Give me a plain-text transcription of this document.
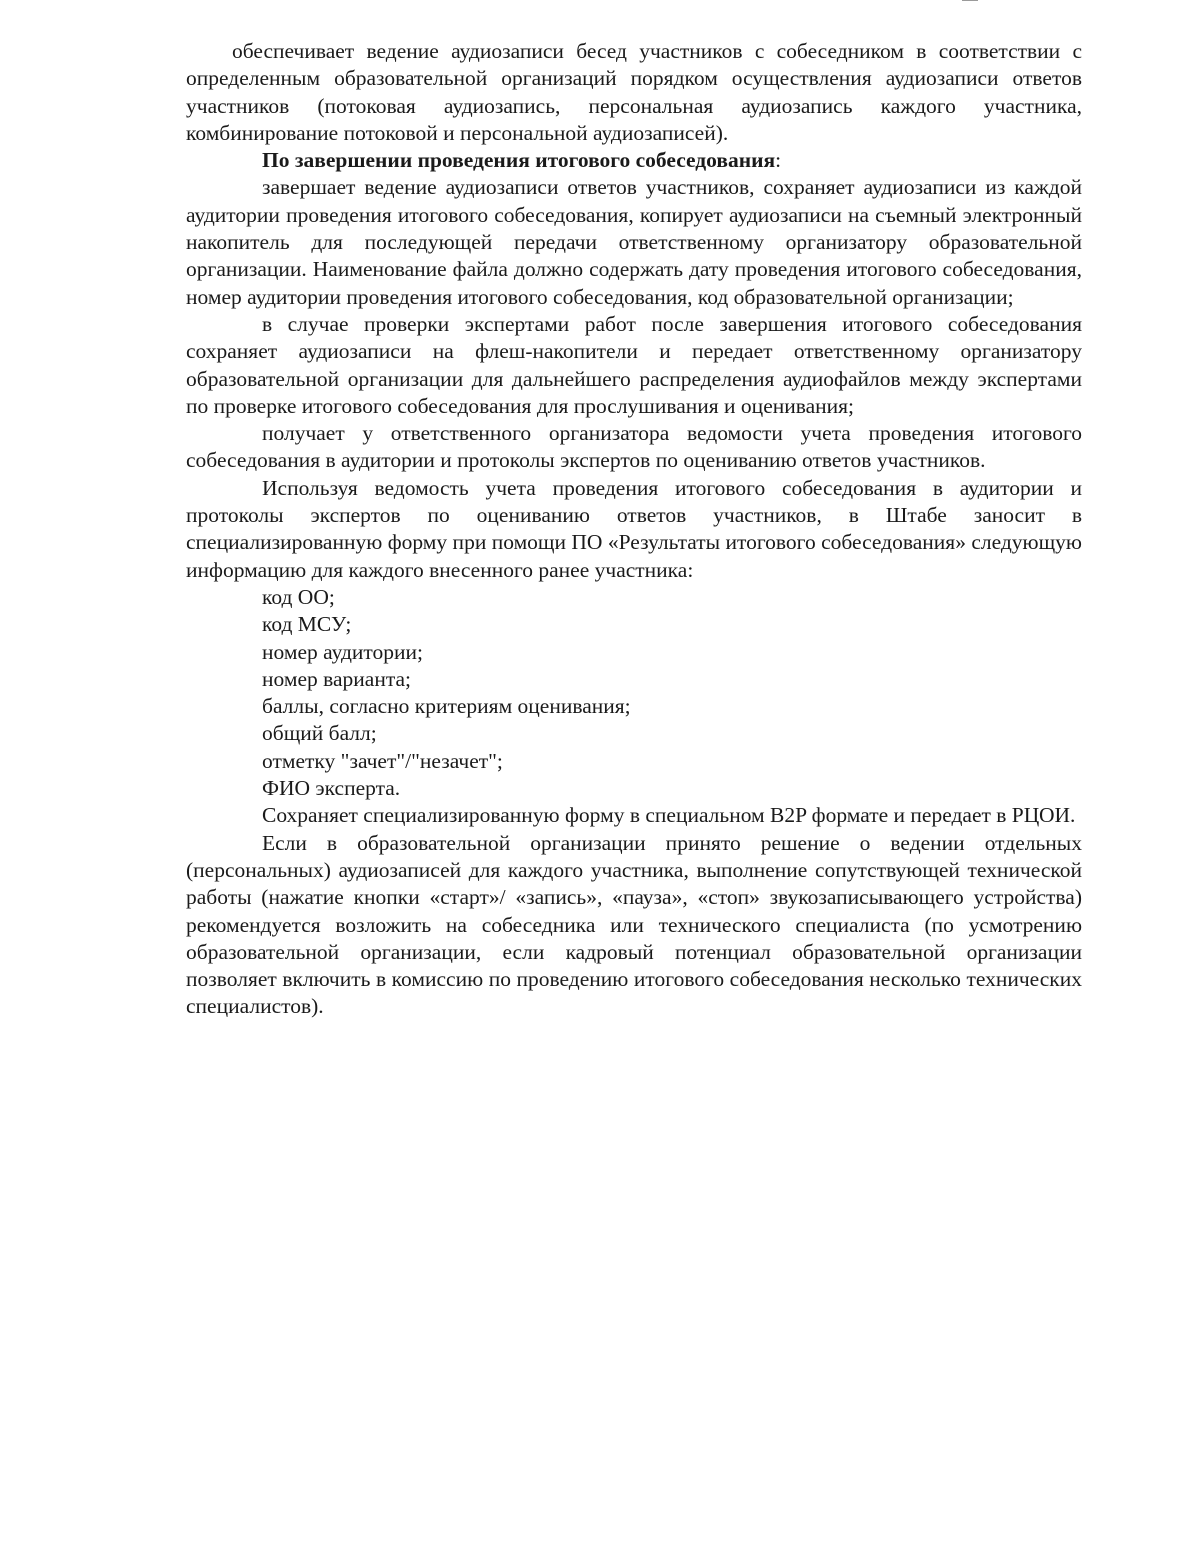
обеспечивает ведение аудиозаписи бесед участников с собеседником в соответствии с определенным образовательной организаций порядком осуществления аудиозаписи ответов участников (потоковая аудиозапись, персональная аудиозапись каждого участника, комбинирование потоковой и персональной аудиозаписей).

По завершении проведения итогового собеседования:

завершает ведение аудиозаписи ответов участников, сохраняет аудиозаписи из каждой аудитории проведения итогового собеседования, копирует аудиозаписи на съемный электронный накопитель для последующей передачи ответственному организатору образовательной организации. Наименование файла должно содержать дату проведения итогового собеседования, номер аудитории проведения итогового собеседования, код образовательной организации;

в случае проверки экспертами работ после завершения итогового собеседования сохраняет аудиозаписи на флеш-накопители и передает ответственному организатору образовательной организации для дальнейшего распределения аудиофайлов между экспертами по проверке итогового собеседования для прослушивания и оценивания;

получает у ответственного организатора ведомости учета проведения итогового собеседования в аудитории и протоколы экспертов по оцениванию ответов участников.

Используя ведомость учета проведения итогового собеседования в аудитории и протоколы экспертов по оцениванию ответов участников, в Штабе заносит в специализированную форму при помощи ПО «Результаты итогового собеседования» следующую информацию для каждого внесенного ранее участника:

код ОО;
код МСУ;
номер аудитории;
номер варианта;
баллы, согласно критериям оценивания;
общий балл;
отметку "зачет"/"незачет";
ФИО эксперта.

Сохраняет специализированную форму в специальном B2P формате и передает в РЦОИ.

Если в образовательной организации принято решение о ведении отдельных (персональных) аудиозаписей для каждого участника, выполнение сопутствующей технической работы (нажатие кнопки «старт»/ «запись», «пауза», «стоп» звукозаписывающего устройства) рекомендуется возложить на собеседника или технического специалиста (по усмотрению образовательной организации, если кадровый потенциал образовательной организации позволяет включить в комиссию по проведению итогового собеседования несколько технических специалистов).
